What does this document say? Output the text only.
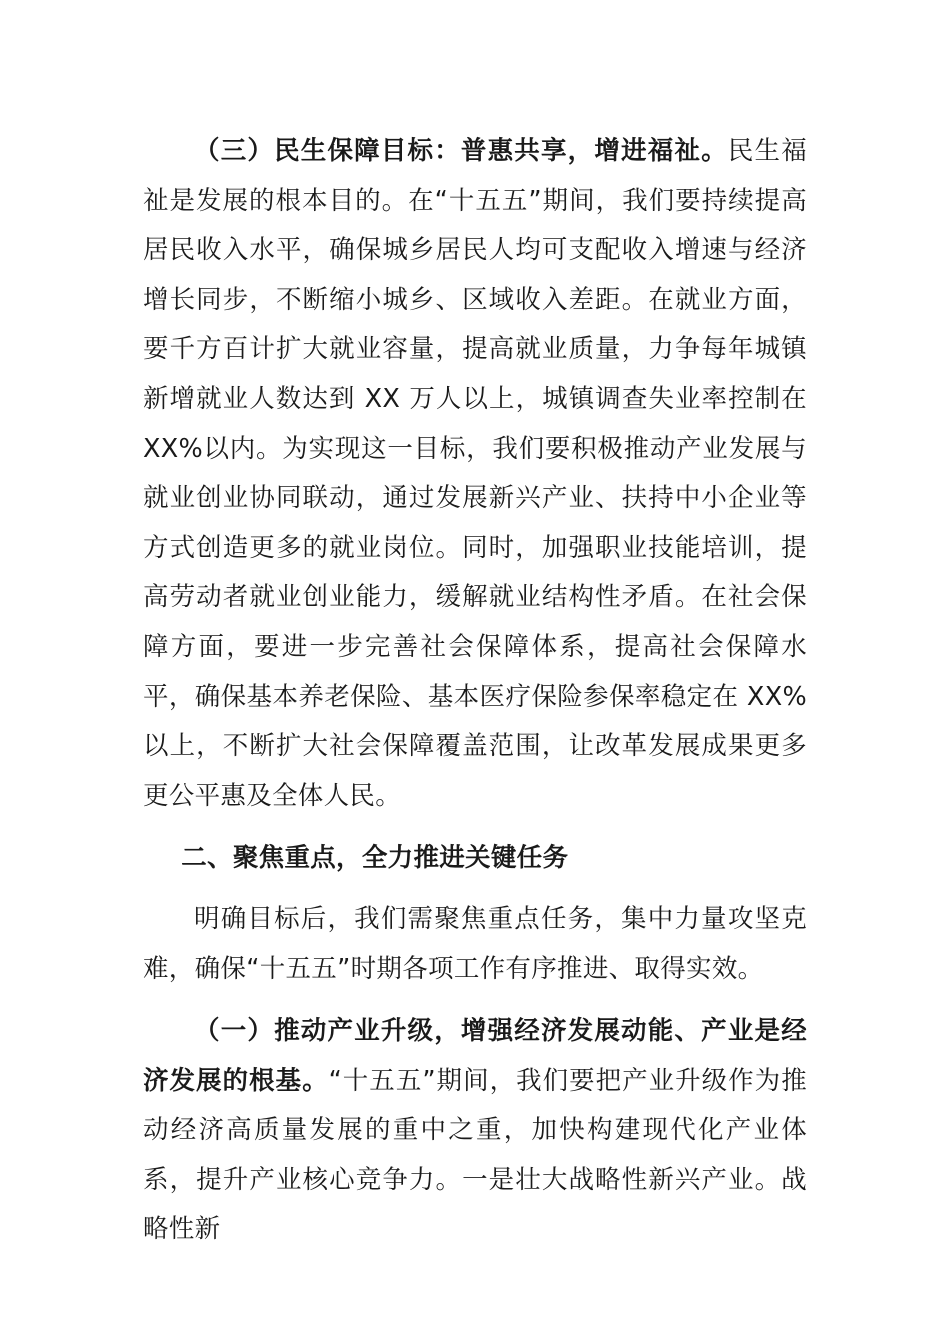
（三）民生保障目标：普惠共享，增进福祉。民生福祉是发展的根本目的。在“十五五”期间，我们要持续提高居民收入水平，确保城乡居民人均可支配收入增速与经济增长同步，不断缩小城乡、区域收入差距。在就业方面，要千方百计扩大就业容量，提高就业质量，力争每年城镇新增就业人数达到 XX 万人以上，城镇调查失业率控制在 XX%以内。为实现这一目标，我们要积极推动产业发展与就业创业协同联动，通过发展新兴产业、扶持中小企业等方式创造更多的就业岗位。同时，加强职业技能培训，提高劳动者就业创业能力，缓解就业结构性矛盾。在社会保障方面，要进一步完善社会保障体系，提高社会保障水平，确保基本养老保险、基本医疗保险参保率稳定在 XX%以上，不断扩大社会保障覆盖范围，让改革发展成果更多更公平惠及全体人民。

二、聚焦重点，全力推进关键任务

明确目标后，我们需聚焦重点任务，集中力量攻坚克难，确保“十五五”时期各项工作有序推进、取得实效。

（一）推动产业升级，增强经济发展动能、产业是经济发展的根基。“十五五”期间，我们要把产业升级作为推动经济高质量发展的重中之重，加快构建现代化产业体系，提升产业核心竞争力。一是壮大战略性新兴产业。战略性新
